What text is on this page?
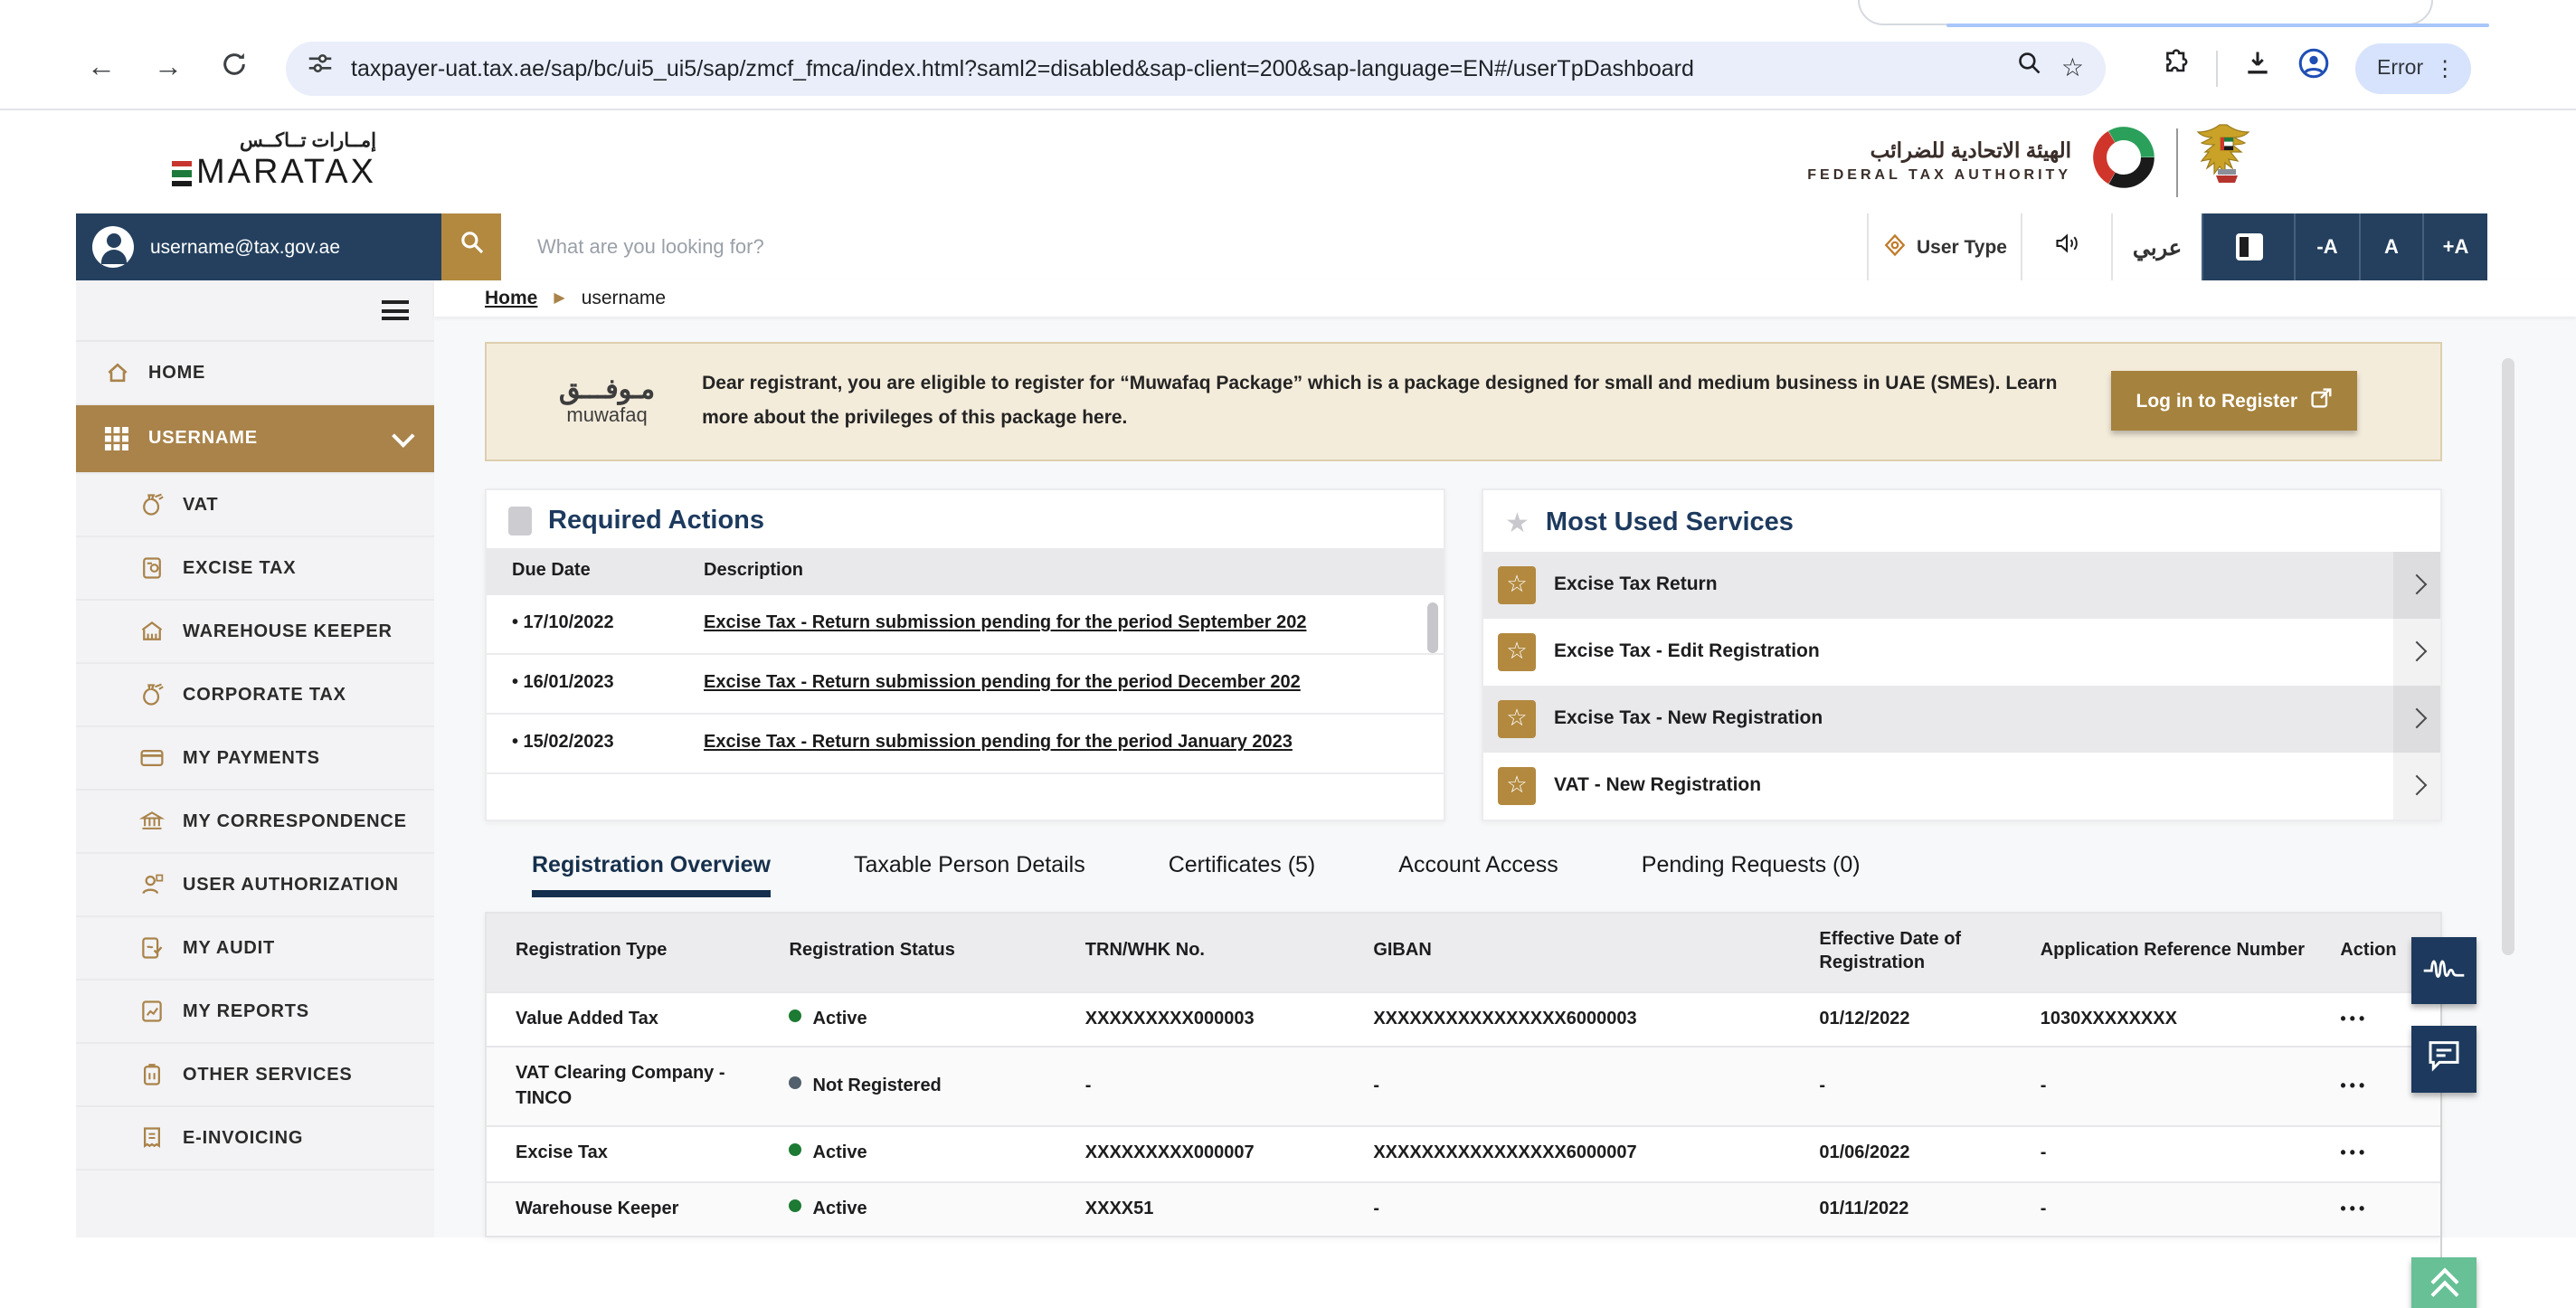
←	→	taxpayer-uat.tax.ae/sap/bc/ui5_ui5/sap/zmcf_fmca/index.html?saml2=disabled&sap-client=200&sap-language=EN#/userTpDashboard	☆	Error ⋮
إمــارات تــاكــس
MARATAX
الهيئة الاتحادية للضرائب
FEDERAL TAX AUTHORITY
username@tax.gov.ae	What are you looking for?	User Type	عربي	-A	A	+A
HOME
USERNAME
VAT
EXCISE TAX
WAREHOUSE KEEPER
CORPORATE TAX
MY PAYMENTS
MY CORRESPONDENCE
USER AUTHORIZATION
MY AUDIT
MY REPORTS
OTHER SERVICES
E-INVOICING
Home ▶ username
مـوفـــق
muwafaq
Dear registrant, you are eligible to register for “Muwafaq Package” which is a package designed for small and medium business in UAE (SMEs). Learn more about the privileges of this package here.
Log in to Register
Required Actions
Due Date	Description
• 17/10/2022	Excise Tax - Return submission pending for the period September 202
• 16/01/2023	Excise Tax - Return submission pending for the period December 202
• 15/02/2023	Excise Tax - Return submission pending for the period January 2023
★ Most Used Services
☆	Excise Tax Return
☆	Excise Tax - Edit Registration
☆	Excise Tax - New Registration
☆	VAT - New Registration
Registration Overview	Taxable Person Details	Certificates (5)	Account Access	Pending Requests (0)
Registration Type	Registration Status	TRN/WHK No.	GIBAN	Effective Date of Registration	Application Reference Number	Action
Value Added Tax	Active	XXXXXXXXX000003	XXXXXXXXXXXXXXXX6000003	01/12/2022	1030XXXXXXXX	•••
VAT Clearing Company - TINCO	Not Registered	-	-	-	-	•••
Excise Tax	Active	XXXXXXXXX000007	XXXXXXXXXXXXXXXX6000007	01/06/2022	-	•••
Warehouse Keeper	Active	XXXX51	-	01/11/2022	-	•••
